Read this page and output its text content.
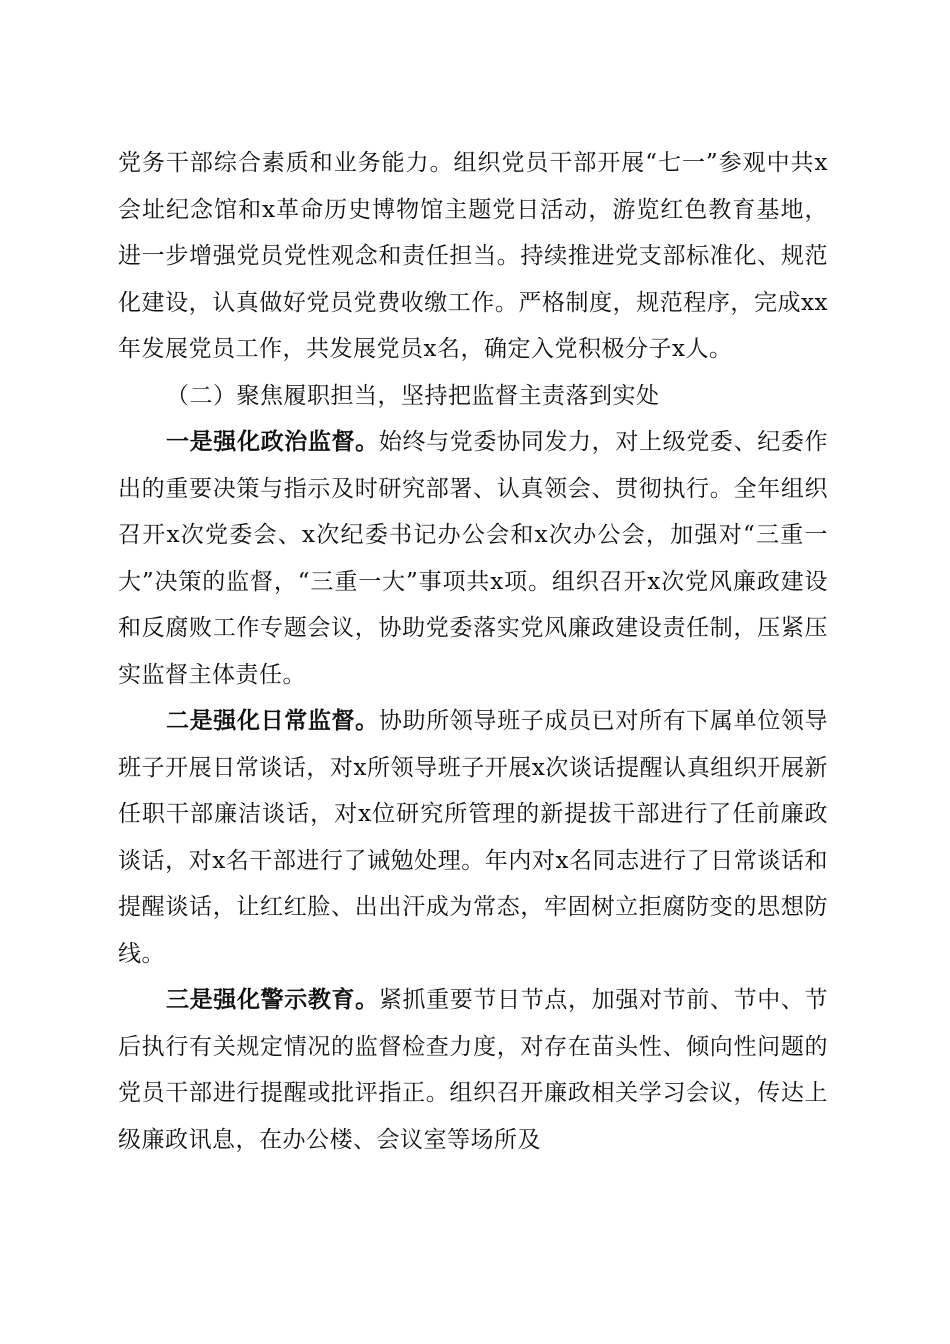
党务干部综合素质和业务能力。组织党员干部开展“七一”参观中共x会址纪念馆和x革命历史博物馆主题党日活动，游览红色教育基地，进一步增强党员党性观念和责任担当。持续推进党支部标准化、规范化建设，认真做好党员党费收缴工作。严格制度，规范程序，完成xx年发展党员工作，共发展党员x名，确定入党积极分子x人。

（二）聚焦履职担当，坚持把监督主责落到实处

一是强化政治监督。始终与党委协同发力，对上级党委、纪委作出的重要决策与指示及时研究部署、认真领会、贯彻执行。全年组织召开x次党委会、x次纪委书记办公会和x次办公会，加强对“三重一大”决策的监督，“三重一大”事项共x项。组织召开x次党风廉政建设和反腐败工作专题会议，协助党委落实党风廉政建设责任制，压紧压实监督主体责任。

二是强化日常监督。协助所领导班子成员已对所有下属单位领导班子开展日常谈话，对x所领导班子开展x次谈话提醒认真组织开展新任职干部廉洁谈话，对x位研究所管理的新提拔干部进行了任前廉政谈话，对x名干部进行了诫勉处理。年内对x名同志进行了日常谈话和提醒谈话，让红红脸、出出汗成为常态，牢固树立拒腐防变的思想防线。

三是强化警示教育。紧抓重要节日节点，加强对节前、节中、节后执行有关规定情况的监督检查力度，对存在苗头性、倾向性问题的党员干部进行提醒或批评指正。组织召开廉政相关学习会议，传达上级廉政讯息，在办公楼、会议室等场所及
